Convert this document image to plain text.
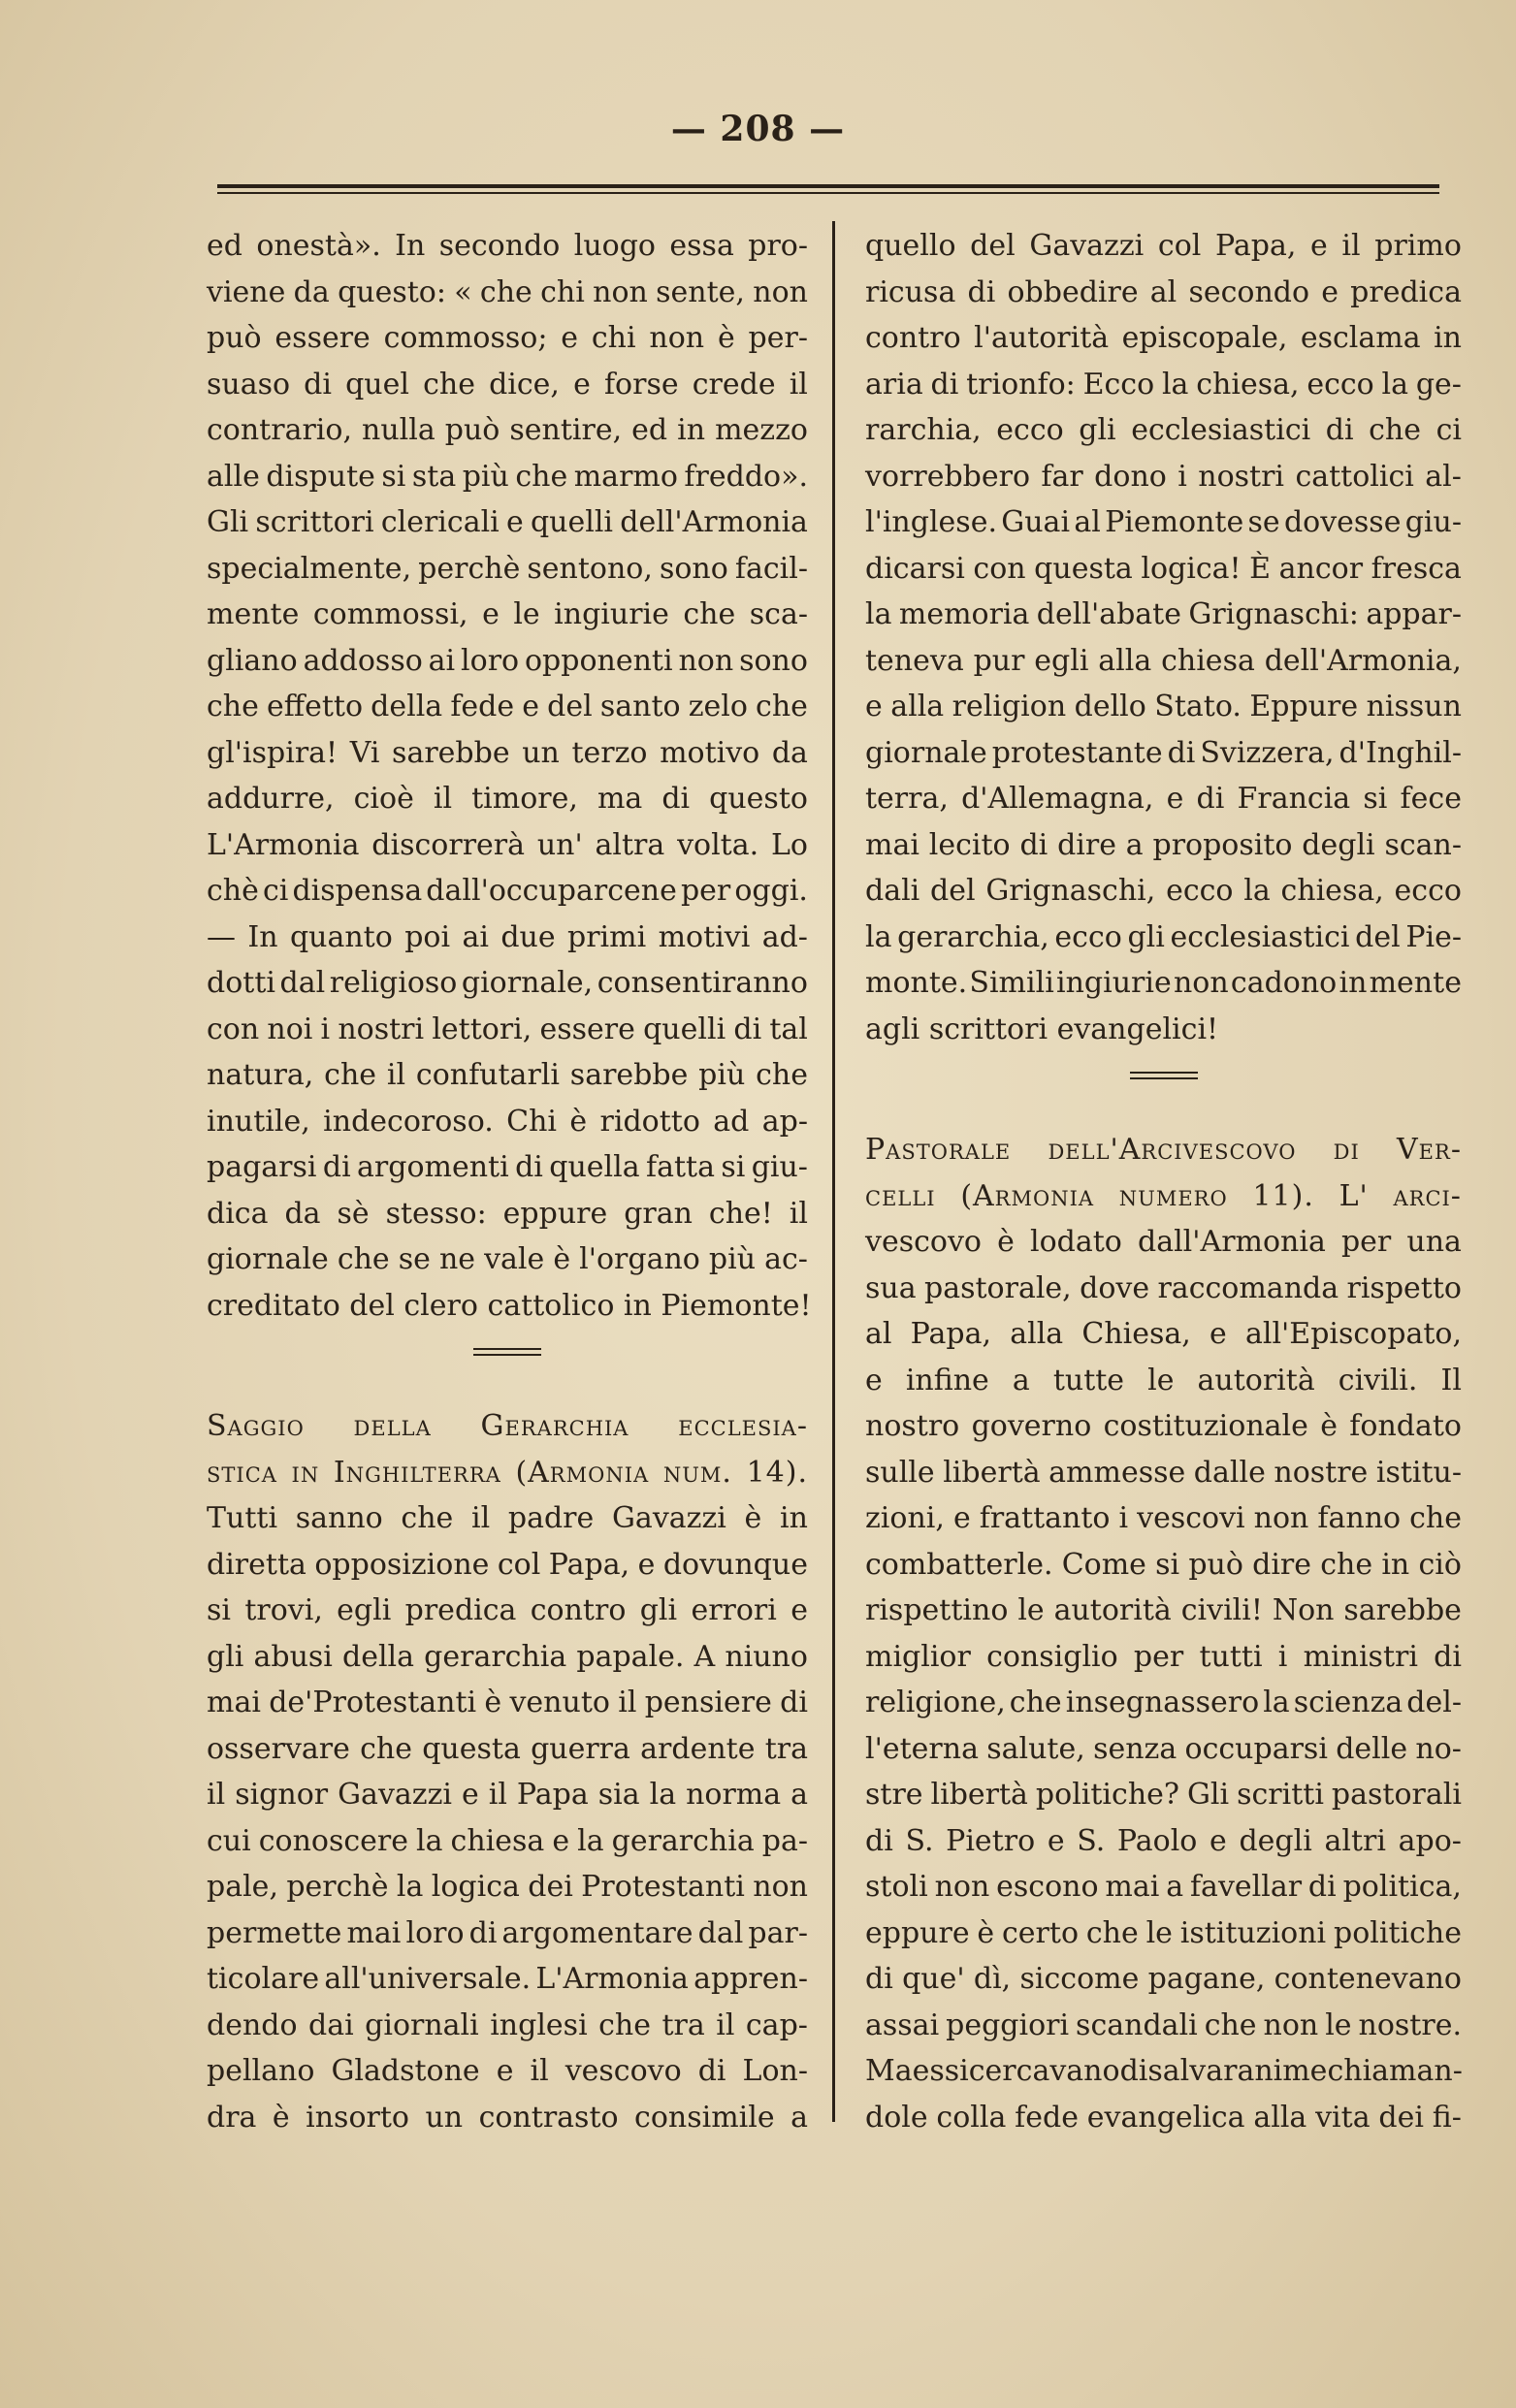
— 208 —
ed onestà». In secondo luogo essa pro-
viene da questo: « che chi non sente, non
può essere commosso; e chi non è per-
suaso di quel che dice, e forse crede il
contrario, nulla può sentire, ed in mezzo
alle dispute si sta più che marmo freddo».
Gli scrittori clericali e quelli dell'Armonia
specialmente, perchè sentono, sono facil-
mente commossi, e le ingiurie che sca-
gliano addosso ai loro opponenti non sono
che effetto della fede e del santo zelo che
gl'ispira! Vi sarebbe un terzo motivo da
addurre, cioè il timore, ma di questo
L'Armonia discorrerà un' altra volta. Lo
chè ci dispensa dall'occuparcene per oggi.
— In quanto poi ai due primi motivi ad-
dotti dal religioso giornale, consentiranno
con noi i nostri lettori, essere quelli di tal
natura, che il confutarli sarebbe più che
inutile, indecoroso. Chi è ridotto ad ap-
pagarsi di argomenti di quella fatta si giu-
dica da sè stesso: eppure gran che! il
giornale che se ne vale è l'organo più ac-
creditato del clero cattolico in Piemonte!
Saggio della Gerarchia ecclesia-
stica in Inghilterra (Armonia num. 14).
Tutti sanno che il padre Gavazzi è in
diretta opposizione col Papa, e dovunque
si trovi, egli predica contro gli errori e
gli abusi della gerarchia papale. A niuno
mai de'Protestanti è venuto il pensiere di
osservare che questa guerra ardente tra
il signor Gavazzi e il Papa sia la norma a
cui conoscere la chiesa e la gerarchia pa-
pale, perchè la logica dei Protestanti non
permette mai loro di argomentare dal par-
ticolare all'universale. L'Armonia appren-
dendo dai giornali inglesi che tra il cap-
pellano Gladstone e il vescovo di Lon-
dra è insorto un contrasto consimile a
quello del Gavazzi col Papa, e il primo
ricusa di obbedire al secondo e predica
contro l'autorità episcopale, esclama in
aria di trionfo: Ecco la chiesa, ecco la ge-
rarchia, ecco gli ecclesiastici di che ci
vorrebbero far dono i nostri cattolici al-
l'inglese. Guai al Piemonte se dovesse giu-
dicarsi con questa logica! È ancor fresca
la memoria dell'abate Grignaschi: appar-
teneva pur egli alla chiesa dell'Armonia,
e alla religion dello Stato. Eppure nissun
giornale protestante di Svizzera, d'Inghil-
terra, d'Allemagna, e di Francia si fece
mai lecito di dire a proposito degli scan-
dali del Grignaschi, ecco la chiesa, ecco
la gerarchia, ecco gli ecclesiastici del Pie-
monte. Simili ingiurie non cadono in mente
agli scrittori evangelici!
Pastorale dell'Arcivescovo di Ver-
celli (Armonia numero 11). L' arci-
vescovo è lodato dall'Armonia per una
sua pastorale, dove raccomanda rispetto
al Papa, alla Chiesa, e all'Episcopato,
e infine a tutte le autorità civili. Il
nostro governo costituzionale è fondato
sulle libertà ammesse dalle nostre istitu-
zioni, e frattanto i vescovi non fanno che
combatterle. Come si può dire che in ciò
rispettino le autorità civili! Non sarebbe
miglior consiglio per tutti i ministri di
religione, che insegnassero la scienza del-
l'eterna salute, senza occuparsi delle no-
stre libertà politiche? Gli scritti pastorali
di S. Pietro e S. Paolo e degli altri apo-
stoli non escono mai a favellar di politica,
eppure è certo che le istituzioni politiche
di que' dì, siccome pagane, contenevano
assai peggiori scandali che non le nostre.
Ma essi cercavano di salvar anime chiaman-
dole colla fede evangelica alla vita dei fi-
